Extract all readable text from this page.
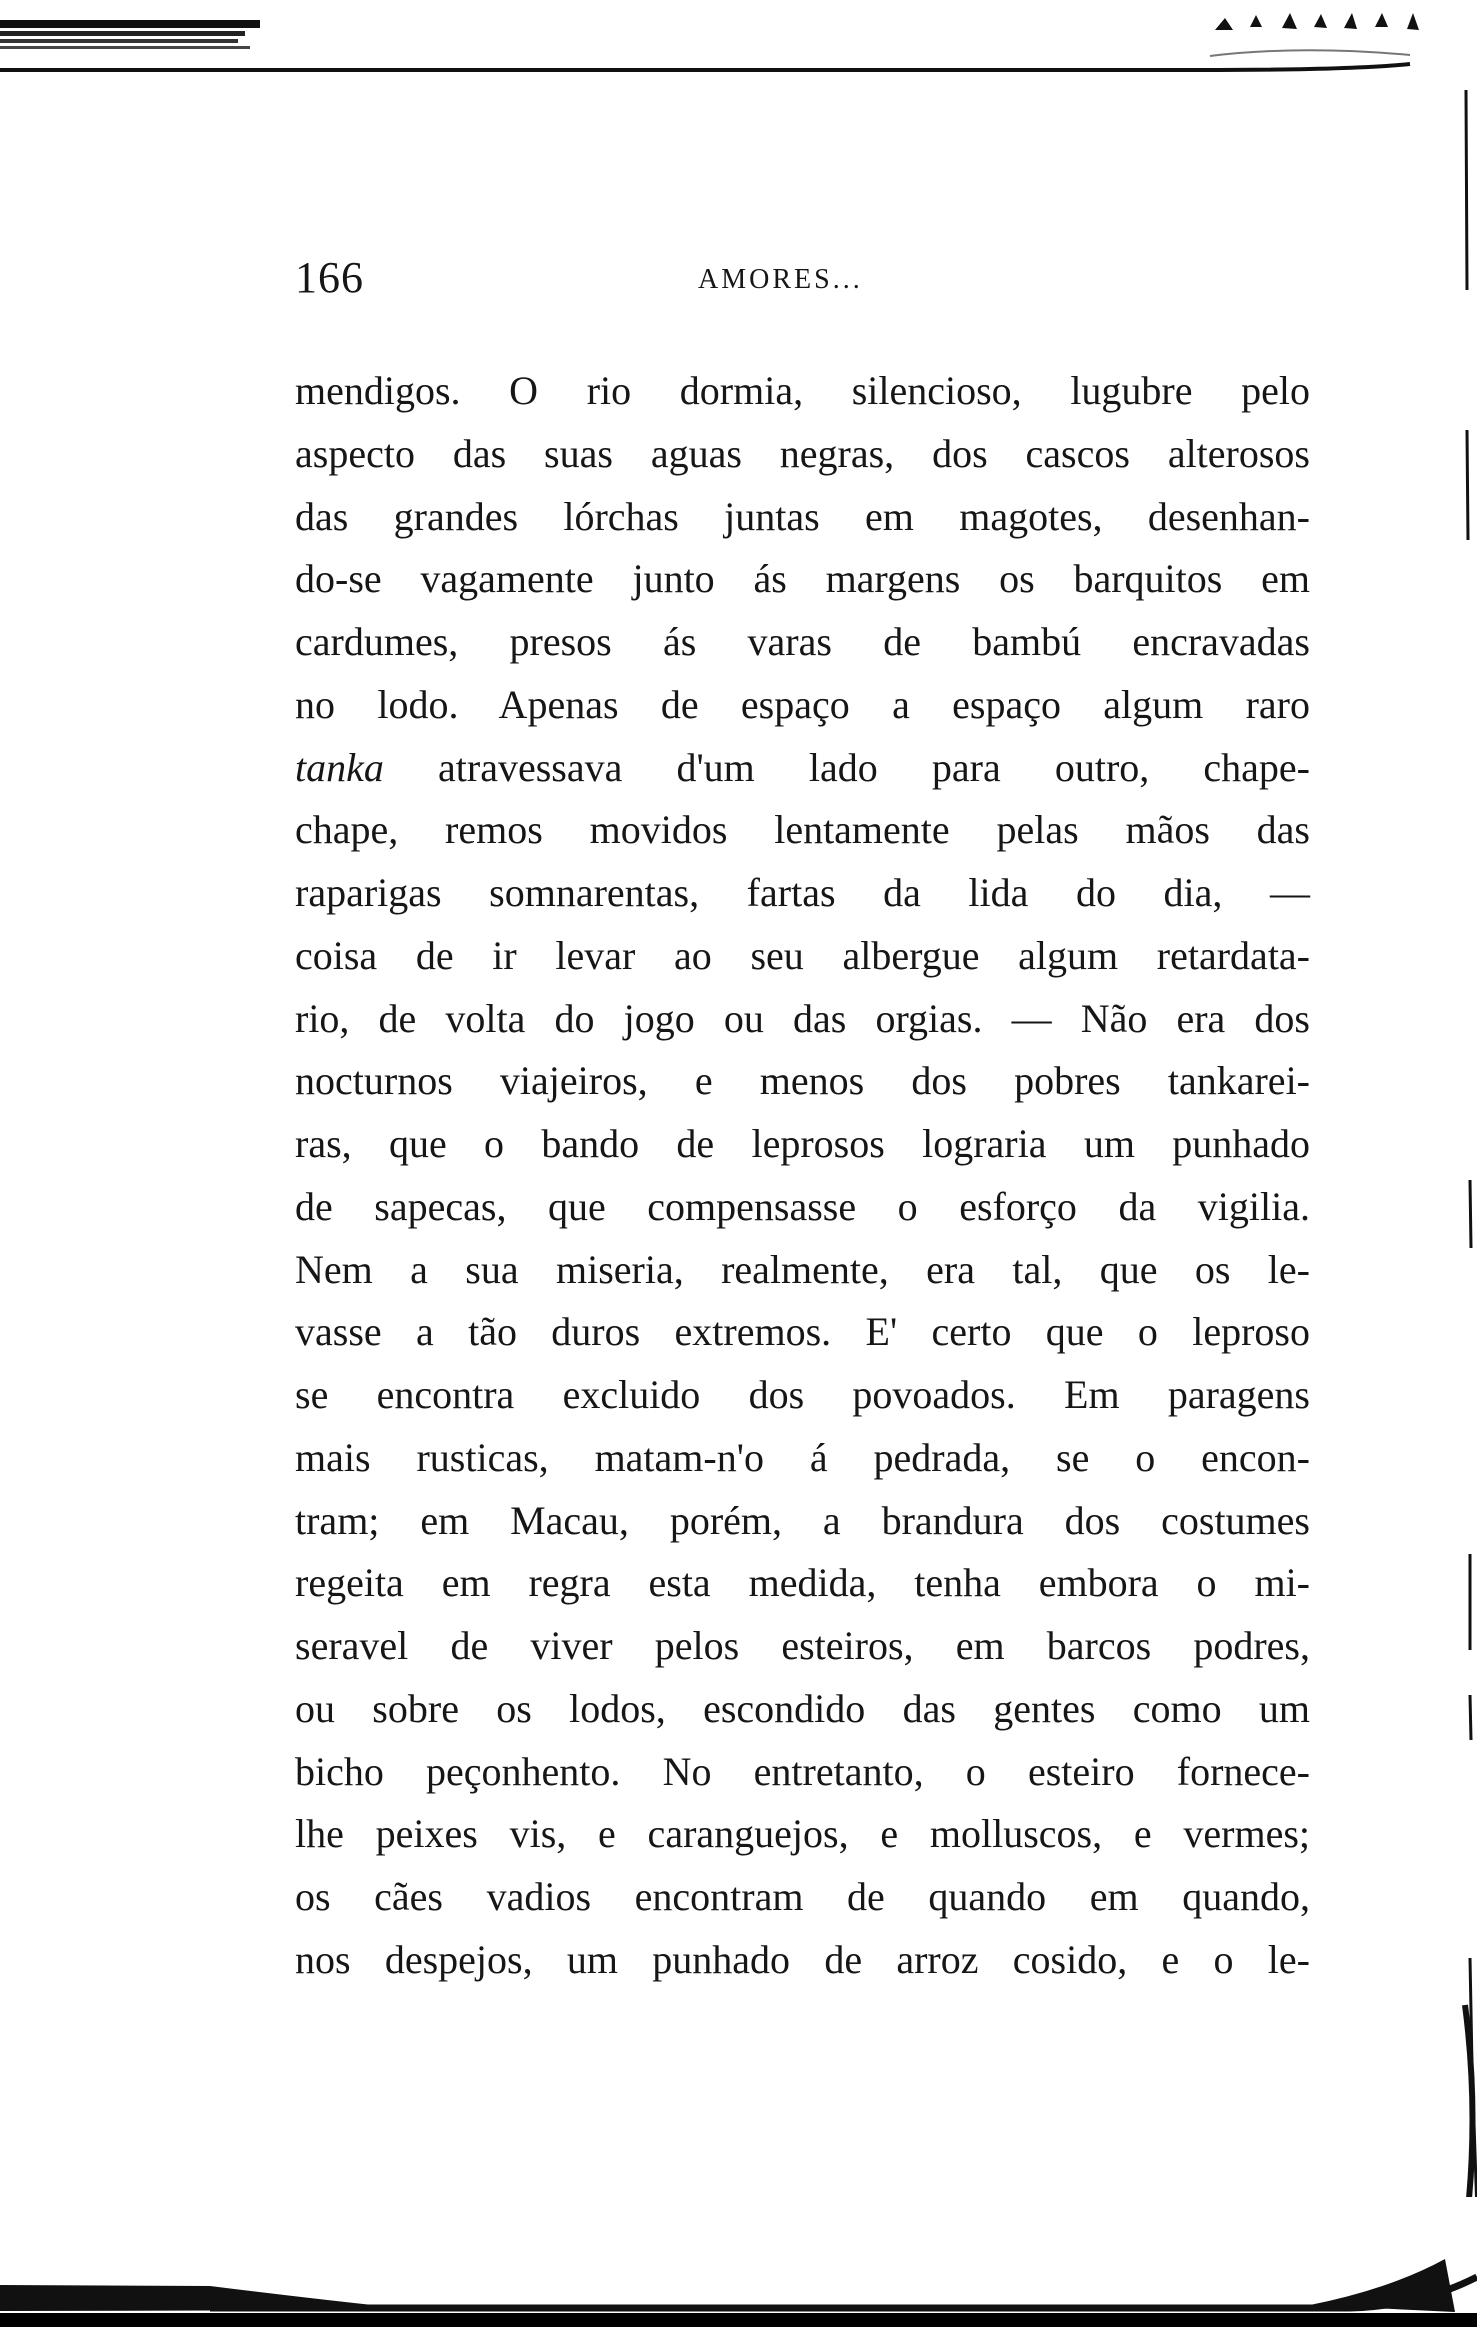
166	AMORES...
mendigos. O rio dormia, silencioso, lugubre pelo
aspecto das suas aguas negras, dos cascos alterosos
das grandes lórchas juntas em magotes, desenhan-
do-se vagamente junto ás margens os barquitos em
cardumes, presos ás varas de bambú encravadas
no lodo. Apenas de espaço a espaço algum raro
tanka atravessava d'um lado para outro, chape-
chape, remos movidos lentamente pelas mãos das
raparigas somnarentas, fartas da lida do dia, —
coisa de ir levar ao seu albergue algum retardata-
rio, de volta do jogo ou das orgias. — Não era dos
nocturnos viajeiros, e menos dos pobres tankarei-
ras, que o bando de leprosos lograria um punhado
de sapecas, que compensasse o esforço da vigilia.
Nem a sua miseria, realmente, era tal, que os le-
vasse a tão duros extremos. E' certo que o leproso
se encontra excluido dos povoados. Em paragens
mais rusticas, matam-n'o á pedrada, se o encon-
tram; em Macau, porém, a brandura dos costumes
regeita em regra esta medida, tenha embora o mi-
seravel de viver pelos esteiros, em barcos podres,
ou sobre os lodos, escondido das gentes como um
bicho peçonhento. No entretanto, o esteiro fornece-
lhe peixes vis, e caranguejos, e molluscos, e vermes;
os cães vadios encontram de quando em quando,
nos despejos, um punhado de arroz cosido, e o le-
